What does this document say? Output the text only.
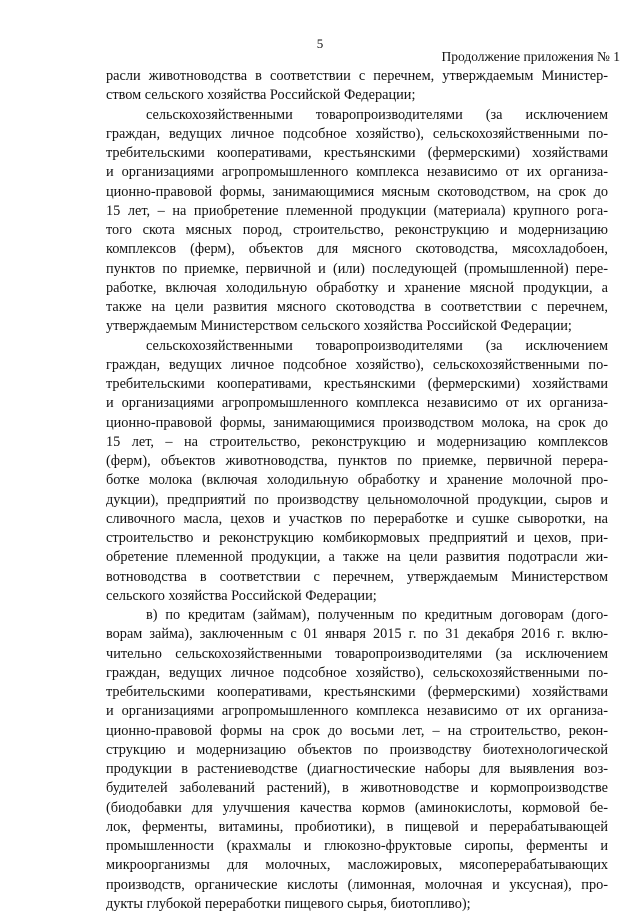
5
Продолжение приложения № 1
расли животноводства в соответствии с перечнем, утверждаемым Министер-
ством сельского хозяйства Российской Федерации;
сельскохозяйственными товаропроизводителями (за исключением
граждан, ведущих личное подсобное хозяйство), сельскохозяйственными по-
требительскими кооперативами, крестьянскими (фермерскими) хозяйствами
и организациями агропромышленного комплекса независимо от их организа-
ционно-правовой формы, занимающимися мясным скотоводством, на срок до
15 лет, – на приобретение племенной продукции (материала) крупного рога-
того скота мясных пород, строительство, реконструкцию и модернизацию
комплексов (ферм), объектов для мясного скотоводства, мясохладобоен,
пунктов по приемке, первичной и (или) последующей (промышленной) пере-
работке, включая холодильную обработку и хранение мясной продукции, а
также на цели развития мясного скотоводства в соответствии с перечнем,
утверждаемым Министерством сельского хозяйства Российской Федерации;
сельскохозяйственными товаропроизводителями (за исключением
граждан, ведущих личное подсобное хозяйство), сельскохозяйственными по-
требительскими кооперативами, крестьянскими (фермерскими) хозяйствами
и организациями агропромышленного комплекса независимо от их организа-
ционно-правовой формы, занимающимися производством молока, на срок до
15 лет, – на строительство, реконструкцию и модернизацию комплексов
(ферм), объектов животноводства, пунктов по приемке, первичной перера-
ботке молока (включая холодильную обработку и хранение молочной про-
дукции), предприятий по производству цельномолочной продукции, сыров и
сливочного масла, цехов и участков по переработке и сушке сыворотки, на
строительство и реконструкцию комбикормовых предприятий и цехов, при-
обретение племенной продукции, а также на цели развития подотрасли жи-
вотноводства в соответствии с перечнем, утверждаемым Министерством
сельского хозяйства Российской Федерации;
в) по кредитам (займам), полученным по кредитным договорам (дого-
ворам займа), заключенным с 01 января 2015 г. по 31 декабря 2016 г. вклю-
чительно сельскохозяйственными товаропроизводителями (за исключением
граждан, ведущих личное подсобное хозяйство), сельскохозяйственными по-
требительскими кооперативами, крестьянскими (фермерскими) хозяйствами
и организациями агропромышленного комплекса независимо от их организа-
ционно-правовой формы на срок до восьми лет, – на строительство, рекон-
струкцию и модернизацию объектов по производству биотехнологической
продукции в растениеводстве (диагностические наборы для выявления воз-
будителей заболеваний растений), в животноводстве и кормопроизводстве
(биодобавки для улучшения качества кормов (аминокислоты, кормовой бе-
лок, ферменты, витамины, пробиотики), в пищевой и перерабатывающей
промышленности (крахмалы и глюкозно-фруктовые сиропы, ферменты и
микроорганизмы для молочных, масложировых, мясоперерабатывающих
производств, органические кислоты (лимонная, молочная и уксусная), про-
дукты глубокой переработки пищевого сырья, биотопливо);
